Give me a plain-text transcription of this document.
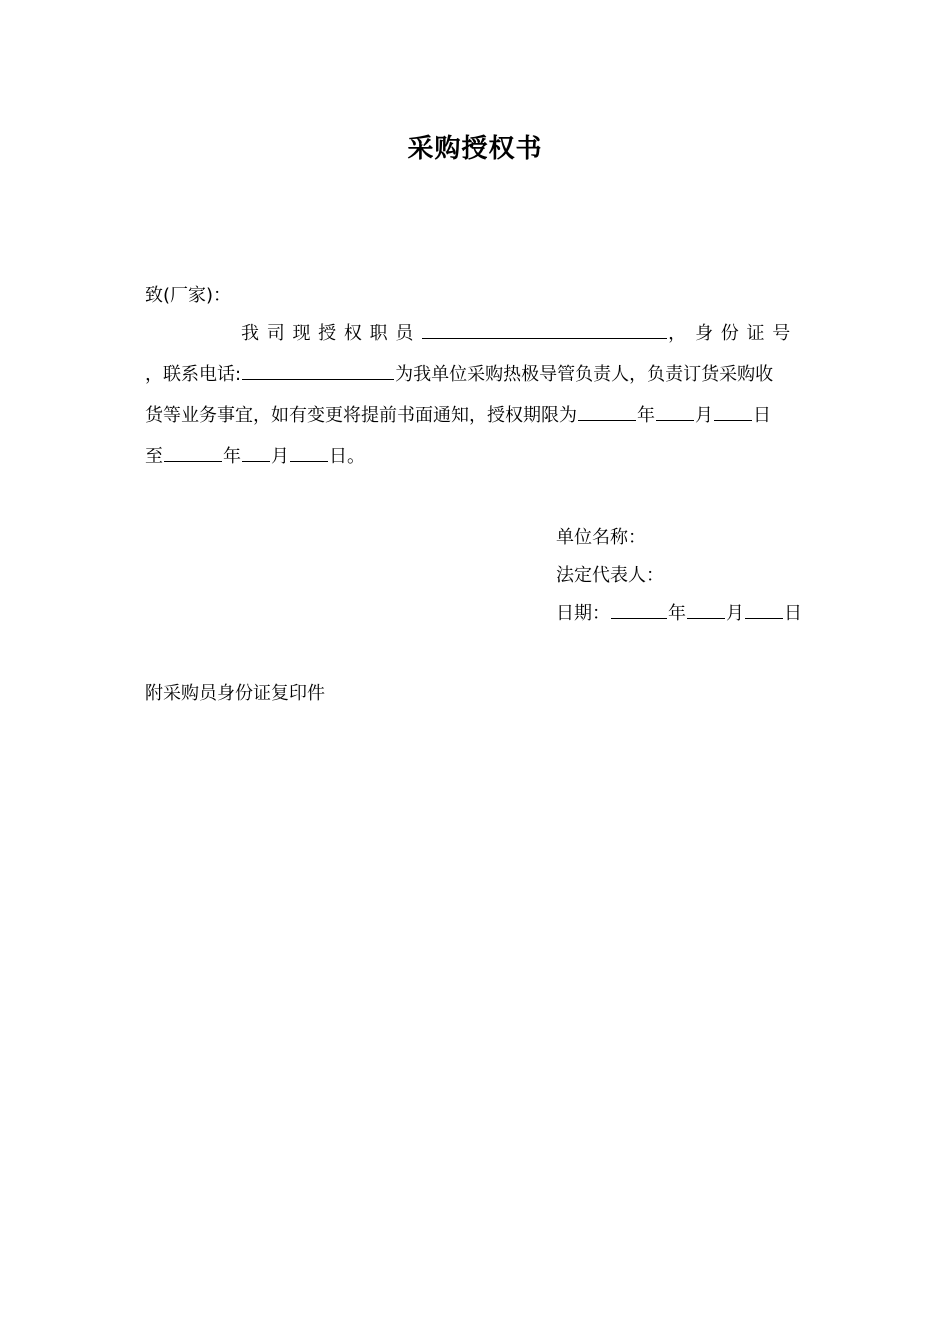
采购授权书
致(厂家)：
我 司 现 授 权 职 员	，　身 份 证 号
，联系电话:	为我单位采购热极导管负责人，负责订货采购收
货等业务事宜，如有变更将提前书面通知，授权期限为	年 月 日
至	年 月 日。
单位名称：
法定代表人：
日期：	年 月 日
附采购员身份证复印件
